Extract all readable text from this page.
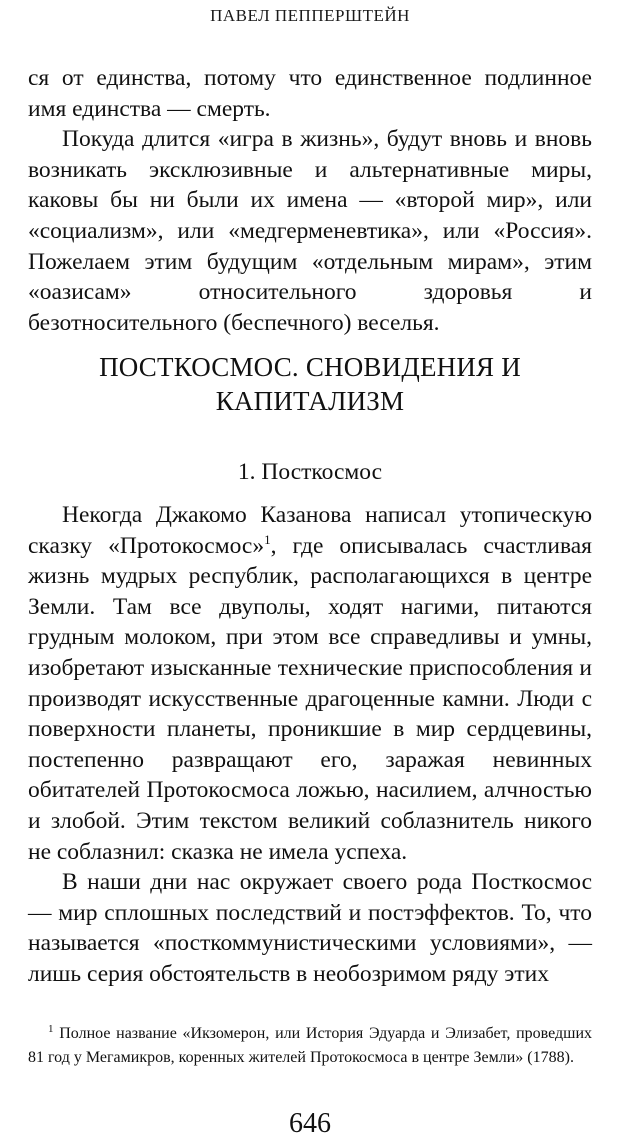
ПАВЕЛ ПЕППЕРШТЕЙН

ся от единства, потому что единственное подлинное имя единства — смерть.

Покуда длится «игра в жизнь», будут вновь и вновь возникать эксклюзивные и альтернативные миры, каковы бы ни были их имена — «второй мир», или «социализм», или «медгерменевтика», или «Россия». Пожелаем этим будущим «отдельным мирам», этим «оазисам» относительного здоровья и безотносительного (беспечного) веселья.

ПОСТКОСМОС. СНОВИДЕНИЯ И КАПИТАЛИЗМ
1. Посткосмос

Некогда Джакомо Казанова написал утопическую сказку «Протокосмос»$^1$, где описывалась счастливая жизнь мудрых республик, располагающихся в центре Земли. Там все двуполы, ходят нагими, питаются грудным молоком, при этом все справедливы и умны, изобретают изысканные технические приспособления и производят искусственные драгоценные камни. Люди с поверхности планеты, проникшие в мир сердцевины, постепенно развращают его, заражая невинных обитателей Протокосмоса ложью, насилием, алчностью и злобой. Этим текстом великий соблазнитель никого не соблазнил: сказка не имела успеха.

В наши дни нас окружает своего рода Посткосмос — мир сплошных последствий и постэффектов. То, что называется «посткоммунистическими условиями», — лишь серия обстоятельств в необозримом ряду этих

$^1$ Полное название «Икзомерон, или История Эдуарда и Элизабет, проведших 81 год у Мегамикров, коренных жителей Протокосмоса в центре Земли» (1788).
646
